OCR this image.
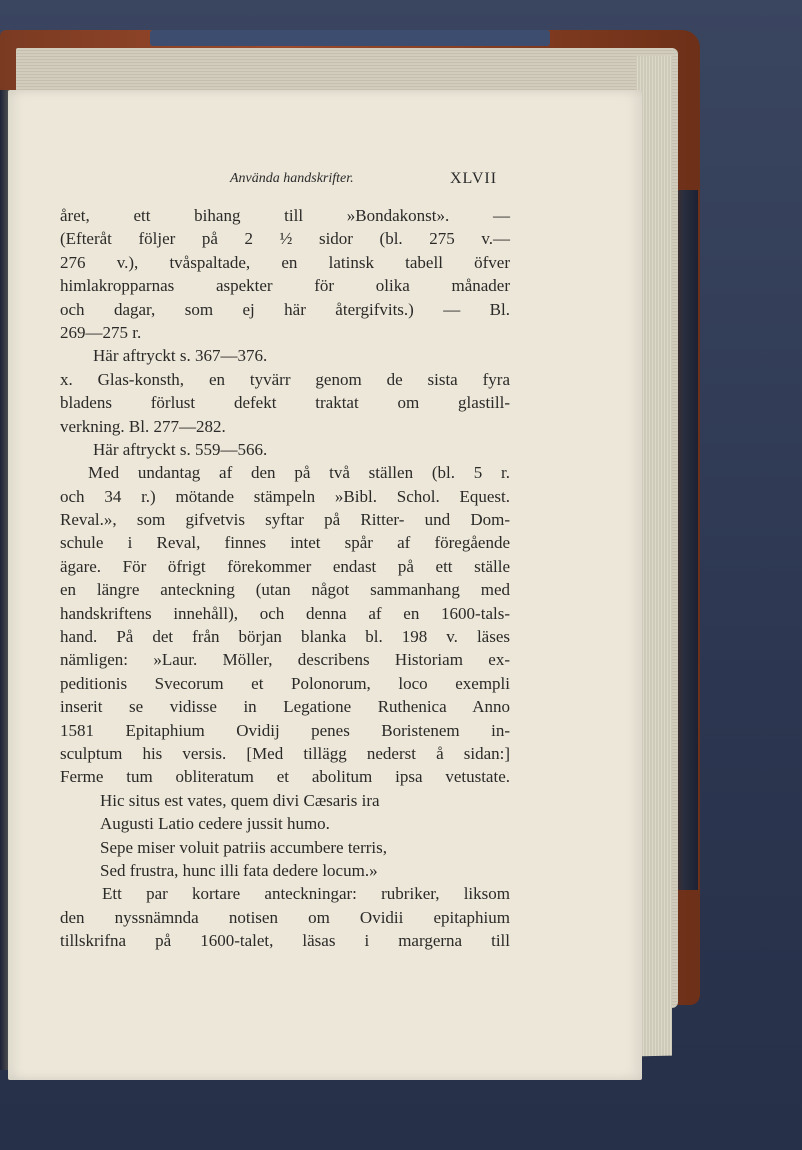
Använda handskrifter.	XLVII
året, ett bihang till »Bondakonst». —
(Efteråt följer på 2 ½ sidor (bl. 275 v.—
276 v.), tvåspaltade, en latinsk tabell öfver
himlakropparnas aspekter för olika månader
och dagar, som ej här återgifvits.) — Bl.
269—275 r.
Här aftryckt s. 367—376.
x. Glas-konsth, en tyvärr genom de sista fyra
bladens förlust defekt traktat om glastill-
verkning. Bl. 277—282.
Här aftryckt s. 559—566.
Med undantag af den på två ställen (bl. 5 r.
och 34 r.) mötande stämpeln »Bibl. Schol. Equest.
Reval.», som gifvetvis syftar på Ritter- und Dom-
schule i Reval, finnes intet spår af föregående
ägare. För öfrigt förekommer endast på ett ställe
en längre anteckning (utan något sammanhang med
handskriftens innehåll), och denna af en 1600-tals-
hand. På det från början blanka bl. 198 v. läses
nämligen: »Laur. Möller, describens Historiam ex-
peditionis Svecorum et Polonorum, loco exempli
inserit se vidisse in Legatione Ruthenica Anno
1581 Epitaphium Ovidij penes Boristenem in-
sculptum his versis. [Med tillägg nederst å sidan:]
Ferme tum obliteratum et abolitum ipsa vetustate.
Hic situs est vates, quem divi Cæsaris ira
Augusti Latio cedere jussit humo.
Sepe miser voluit patriis accumbere terris,
Sed frustra, hunc illi fata dedere locum.»
Ett par kortare anteckningar: rubriker, liksom
den nyssnämnda notisen om Ovidii epitaphium
tillskrifna på 1600-talet, läsas i margerna till
